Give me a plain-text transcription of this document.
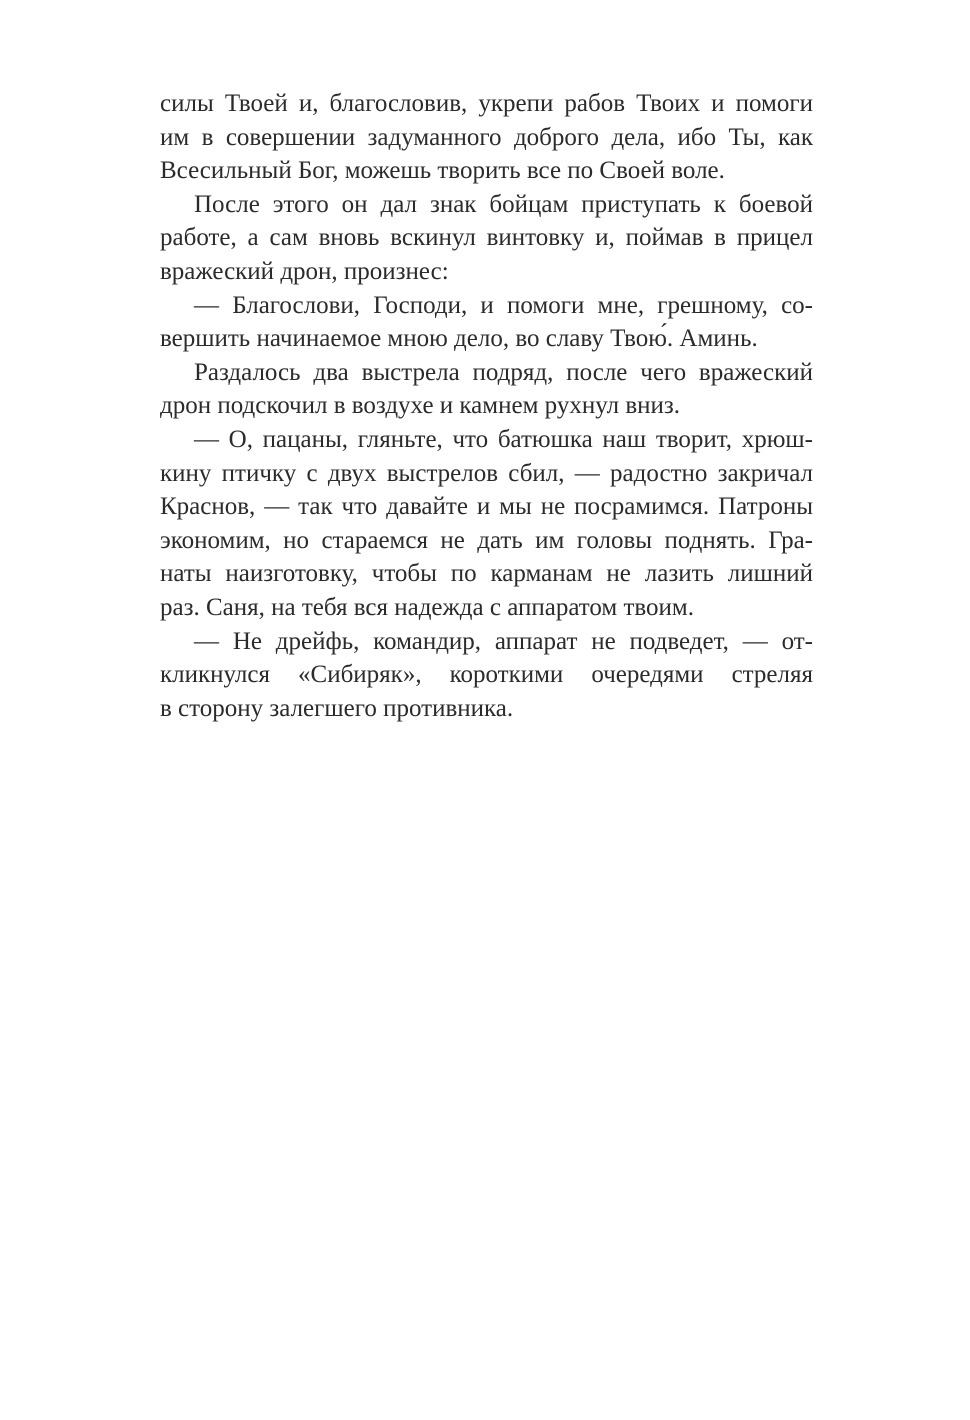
силы Твоей и, благословив, укрепи рабов Твоих и помоги
им в совершении задуманного доброго дела, ибо Ты, как
Всесильный Бог, можешь творить все по Своей воле.
После этого он дал знак бойцам приступать к боевой
работе, а сам вновь вскинул винтовку и, поймав в прицел
вражеский дрон, произнес:
— Благослови, Господи, и помоги мне, грешному, со-
вершить начинаемое мною дело, во славу Твою́. Аминь.
Раздалось два выстрела подряд, после чего вражеский
дрон подскочил в воздухе и камнем рухнул вниз.
— О, пацаны, гляньте, что батюшка наш творит, хрюш-
кину птичку с двух выстрелов сбил, — радостно закричал
Краснов, — так что давайте и мы не посрамимся. Патроны
экономим, но стараемся не дать им головы поднять. Гра-
наты наизготовку, чтобы по карманам не лазить лишний
раз. Саня, на тебя вся надежда с аппаратом твоим.
— Не дрейфь, командир, аппарат не подведет, — от-
кликнулся «Сибиряк», короткими очередями стреляя
в сторону залегшего противника.
